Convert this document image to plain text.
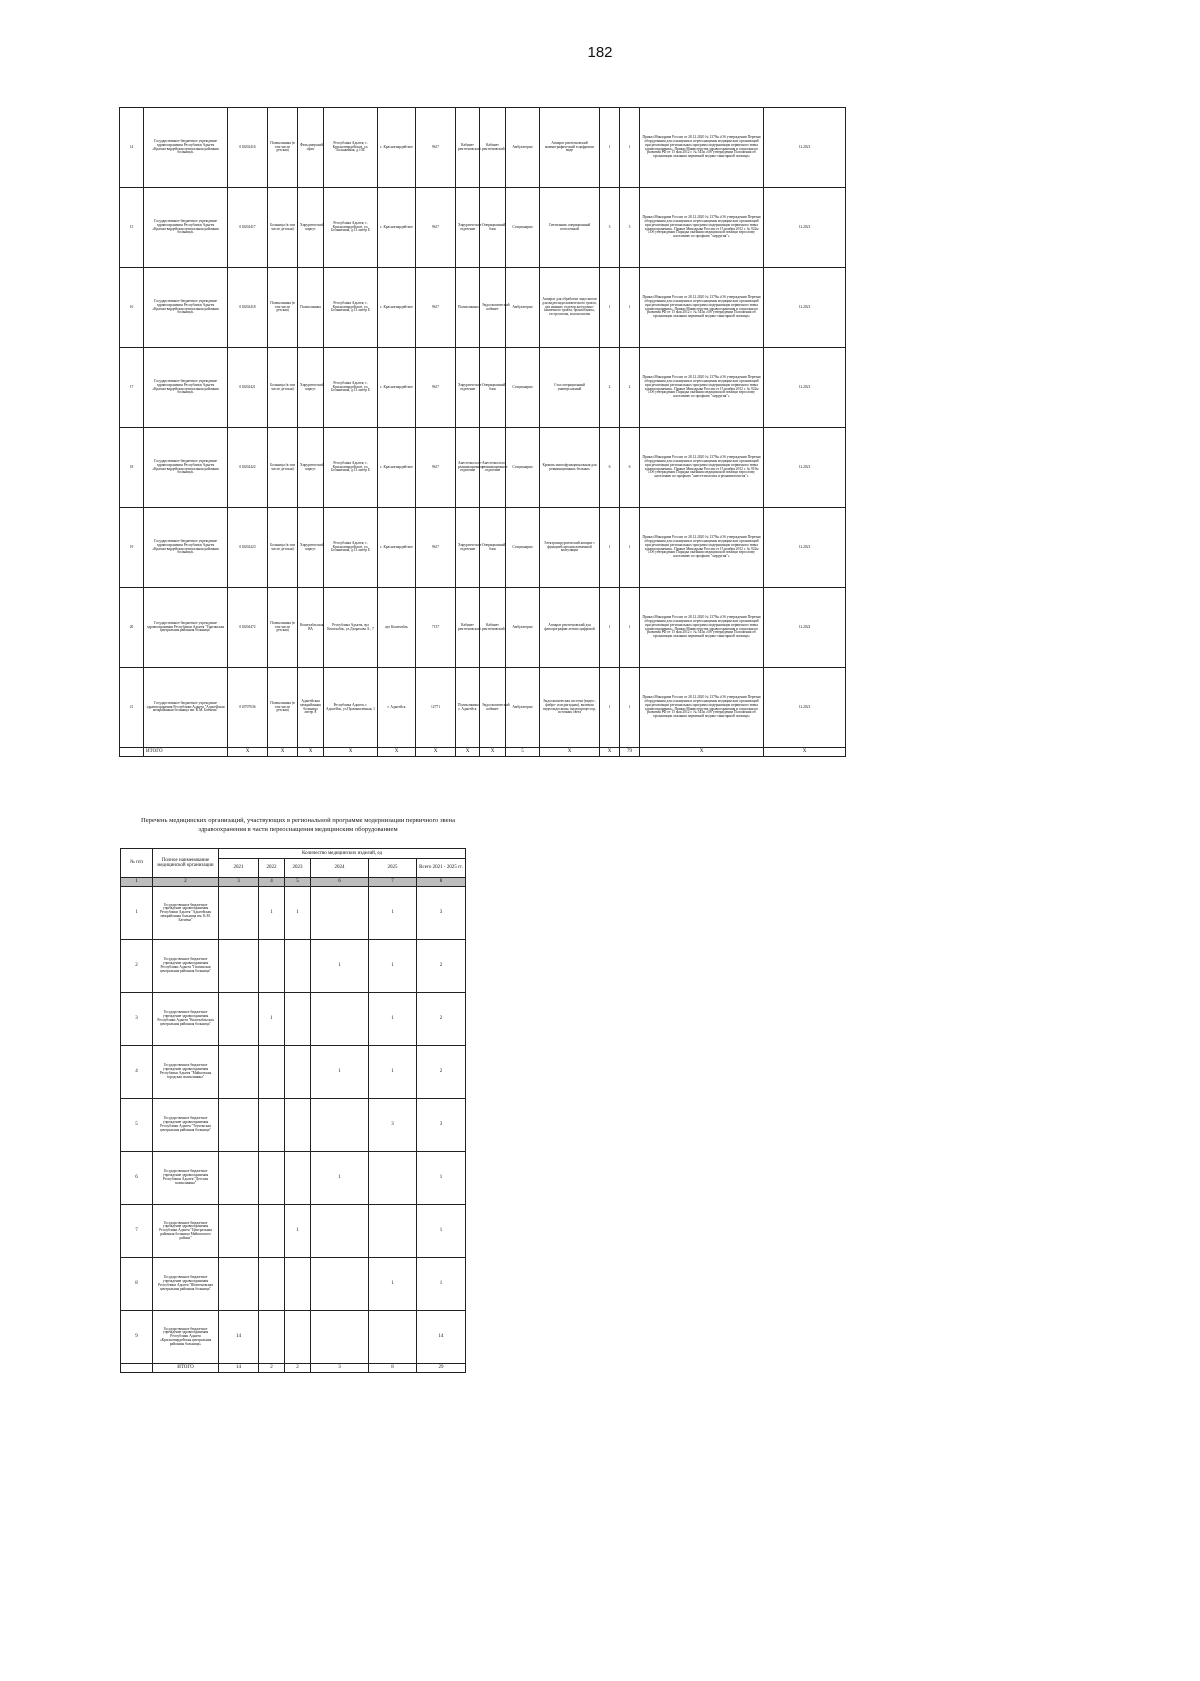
182
14	Государственное бюджетное учреждение здравоохранения Республики Адыгея «Красногвардейская центральная районная больница»	010202416	Поликлиника (в том числе детская)	Фельдшерский офис	Республика Адыгея, с. Красногвардейское, ул. Больничная, д.13Б	с. Красногвардейское	9617	Кабинет рентгеновский	Кабинет рентгеновский	Амбулаторно	Аппарат рентгеновский маммографический в цифровом виде	1	1	Приказ Минздрава России от 28.12.2020 № 1379н «Об утверждении Перечня оборудования для оснащения и переоснащения медицинских организаций при реализации региональных программ модернизации первичного звена здравоохранения». Приказ Министерства здравоохранения и социального развития РФ от 15 мая 2012 г. № 543н «Об утверждении Положения об организации оказания первичной медико-санитарной помощи»	12.2021
15	Государственное бюджетное учреждение здравоохранения Республики Адыгея «Красногвардейская центральная районная больница»	010202417	Больница (в том числе детская)	Хирургический корпус	Республика Адыгея, с. Красногвардейское, ул. Больничная, д.13 литер Б	с. Красногвардейское	9617	Хирургическое отделение	Операционный блок	Стационарно	Светильник операционный потолочный	3	3	Приказ Минздрава России от 28.12.2020 № 1379н «Об утверждении Перечня оборудования для оснащения и переоснащения медицинских организаций при реализации региональных программ модернизации первичного звена здравоохранения». Приказ Минздрава России от 15 ноября 2012 г. № 922н «Об утверждении Порядка оказания медицинской помощи взрослому населению по профилю "хирургия"»	12.2021
16	Государственное бюджетное учреждение здравоохранения Республики Адыгея «Красногвардейская центральная районная больница»	010202418	Поликлиника (в том числе детская)	Поликлиника	Республика Адыгея, с. Красногвардейское, ул. Больничная, д.13 литер Б	с. Красногвардейское	9617	Поликлиника	Эндоскопический кабинет	Амбулаторно	Аппарат для обработки эндоскопов для видеоэндоскопического тракта, для нижних отделов желудочно-кишечного тракта, бронхоскопы, гастроскопы, колоноскопы	1	1	Приказ Минздрава России от 28.12.2020 № 1379н «Об утверждении Перечня оборудования для оснащения и переоснащения медицинских организаций при реализации региональных программ модернизации первичного звена здравоохранения». Приказ Министерства здравоохранения и социального развития РФ от 15 мая 2012 г. № 543н «Об утверждении Положения об организации оказания первичной медико-санитарной помощи»	12.2021
17	Государственное бюджетное учреждение здравоохранения Республики Адыгея «Красногвардейская центральная районная больница»	010202421	Больница (в том числе детская)	Хирургический корпус	Республика Адыгея, с. Красногвардейское, ул. Больничная, д.13 литер Б	с. Красногвардейское	9617	Хирургическое отделение	Операционный блок	Стационарно	Стол операционный универсальный	2	2	Приказ Минздрава России от 28.12.2020 № 1379н «Об утверждении Перечня оборудования для оснащения и переоснащения медицинских организаций при реализации региональных программ модернизации первичного звена здравоохранения». Приказ Минздрава России от 15 ноября 2012 г. № 922н «Об утверждении Порядка оказания медицинской помощи взрослому населению по профилю "хирургия"»	12.2021
18	Государственное бюджетное учреждение здравоохранения Республики Адыгея «Красногвардейская центральная районная больница»	010202422	Больница (в том числе детская)	Хирургический корпус	Республика Адыгея, с. Красногвардейское, ул. Больничная, д.13 литер Б	с. Красногвардейское	9617	Анестезиолого-реанимационное отделение	Анестезиолого-реанимационное отделение	Стационарно	Кровать многофункциональная для реанимационных больных	6	6	Приказ Минздрава России от 28.12.2020 № 1379н «Об утверждении Перечня оборудования для оснащения и переоснащения медицинских организаций при реализации региональных программ модернизации первичного звена здравоохранения». Приказ Минздрава России от 15 ноября 2012 г. № 919н «Об утверждении Порядка оказания медицинской помощи взрослому населению по профилю "анестезиология и реаниматология"»	12.2021
19	Государственное бюджетное учреждение здравоохранения Республики Адыгея «Красногвардейская центральная районная больница»	010202423	Больница (в том числе детская)	Хирургический корпус	Республика Адыгея, с. Красногвардейское, ул. Больничная, д.13 литер Б	с. Красногвардейское	9617	Хирургическое отделение	Операционный блок	Стационарно	Электрохирургический аппарат с функцией аргоноплазменной коагуляции	1	1	Приказ Минздрава России от 28.12.2020 № 1379н «Об утверждении Перечня оборудования для оснащения и переоснащения медицинских организаций при реализации региональных программ модернизации первичного звена здравоохранения». Приказ Минздрава России от 15 ноября 2012 г. № 922н «Об утверждении Порядка оказания медицинской помощи взрослому населению по профилю "хирургия"»	12.2021
20	Государственное бюджетное учреждение здравоохранения Республики Адыгея "Гиагинская центральная районная больница"	010204472	Поликлиника (в том числе детская)	Кошехабльская ВА	Республика Адыгея, аул Кошехабль, ул.Дзарахова А., 7	аул Кошехабль	7157	Кабинет рентгеновский	Кабинет рентгеновский	Амбулаторно	Аппарат рентгеновский для флюорографии легких цифровой	1	1	Приказ Минздрава России от 28.12.2020 № 1379н «Об утверждении Перечня оборудования для оснащения и переоснащения медицинских организаций при реализации региональных программ модернизации первичного звена здравоохранения». Приказ Министерства здравоохранения и социального развития РФ от 15 мая 2012 г. № 543н «Об утверждении Положения об организации оказания первичной медико-санитарной помощи»	12.2022
21	Государственное бюджетное учреждение здравоохранения Республики Адыгея "Адыгейская межрайонная больница им. К.М. Батмена"	010707636	Поликлиника (в том числе детская)	Адыгейская межрайонная больница литер А	Республика Адыгея, г. Адыгейск, ул.Промышленная, 1	г. Адыгейск	12771	Поликлиника г. Адыгейск	Эндоскопический кабинет	Амбулаторно	Эндоскопическая система (видео-, фибро- или ригидная), включая видеоэндоскопы, видеопроцессор, источник света	1	1	Приказ Минздрава России от 28.12.2020 № 1379н «Об утверждении Перечня оборудования для оснащения и переоснащения медицинских организаций при реализации региональных программ модернизации первичного звена здравоохранения». Приказ Министерства здравоохранения и социального развития РФ от 15 мая 2012 г. № 543н «Об утверждении Положения об организации оказания первичной медико-санитарной помощи»	12.2021
	ИТОГО	X	X	X	X	X	X	X	X	5	X	X	79	X	X
Перечень медицинских организаций, участвующих в региональной программе модернизации первичного звена здравоохранения в части переоснащения медицинским оборудованием
№ п/п	Полное наименование медицинской организации	Количество медицинских изделий, ед					
		2021	2022	2023	2024	2025	Всего 2021 - 2025 гг.
1	2	3	4	5	6	7	8
1	Государственное бюджетное учреждение здравоохранения Республики Адыгея "Адыгейская межрайонная больница им. К.М. Батмена"		1	1		1	3
2	Государственное бюджетное учреждение здравоохранения Республики Адыгея "Гиагинская центральная районная больница"				1	1	2
3	Государственное бюджетное учреждение здравоохранения Республики Адыгея "Кошехабльская центральная районная больница"		1			1	2
4	Государственное бюджетное учреждение здравоохранения Республики Адыгея "Майкопская городская поликлиника"				1	1	2
5	Государственное бюджетное учреждение здравоохранения Республики Адыгея "Теучежская центральная районная больница"					3	3
6	Государственное бюджетное учреждение здравоохранения Республики Адыгея "Детская поликлиника"				1		1
7	Государственное бюджетное учреждение здравоохранения Республики Адыгея "Центральная районная больница Майкопского района"			1			1
8	Государственное бюджетное учреждение здравоохранения Республики Адыгея "Шовгеновская центральная районная больница"					1	1
9	Государственное бюджетное учреждение здравоохранения Республики Адыгея «Красногвардейская центральная районная больница»	14					14
	ИТОГО	14	2	2	3	8	29
